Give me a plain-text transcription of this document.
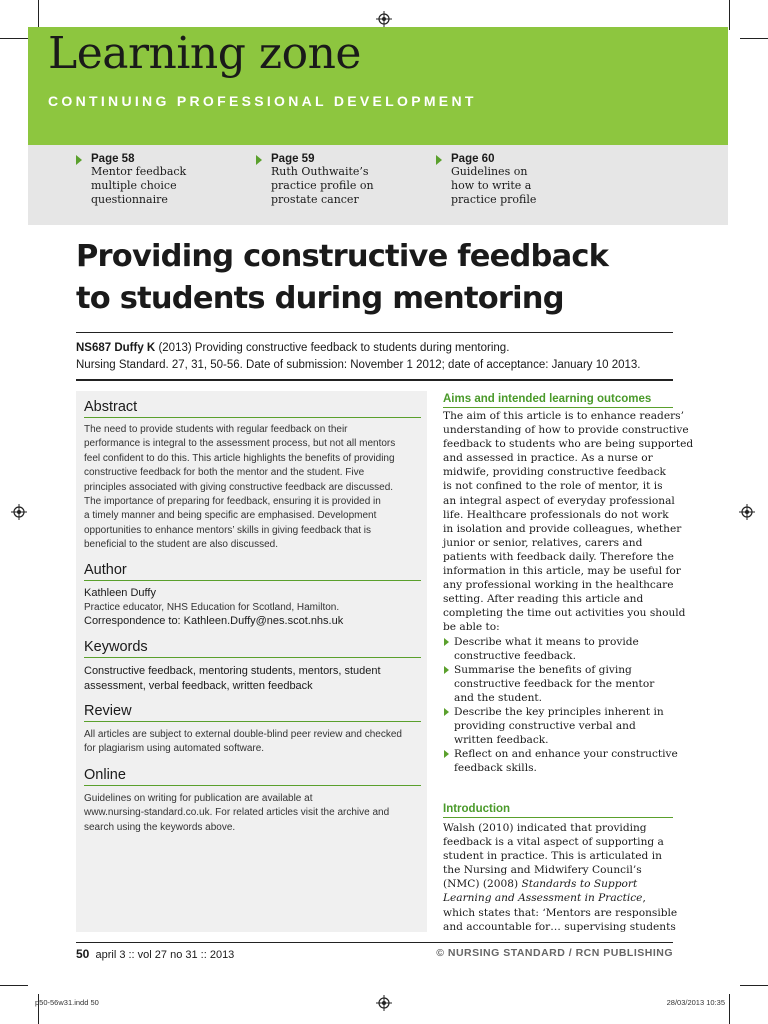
Learning zone
CONTINUING PROFESSIONAL DEVELOPMENT
Page 58
Mentor feedback
multiple choice
questionnaire
Page 59
Ruth Outhwaite’s
practice profile on
prostate cancer
Page 60
Guidelines on
how to write a
practice profile
Providing constructive feedback
to students during mentoring
NS687 Duffy K (2013) Providing constructive feedback to students during mentoring.
Nursing Standard. 27, 31, 50-56. Date of submission: November 1 2012; date of acceptance: January 10 2013.
Abstract
The need to provide students with regular feedback on their
performance is integral to the assessment process, but not all mentors
feel confident to do this. This article highlights the benefits of providing
constructive feedback for both the mentor and the student. Five
principles associated with giving constructive feedback are discussed.
The importance of preparing for feedback, ensuring it is provided in
a timely manner and being specific are emphasised. Development
opportunities to enhance mentors’ skills in giving feedback that is
beneficial to the student are also discussed.
Author
Kathleen Duffy
Practice educator, NHS Education for Scotland, Hamilton.
Correspondence to: Kathleen.Duffy@nes.scot.nhs.uk
Keywords
Constructive feedback, mentoring students, mentors, student
assessment, verbal feedback, written feedback
Review
All articles are subject to external double-blind peer review and checked
for plagiarism using automated software.
Online
Guidelines on writing for publication are available at
www.nursing-standard.co.uk. For related articles visit the archive and
search using the keywords above.
Aims and intended learning outcomes
The aim of this article is to enhance readers’
understanding of how to provide constructive
feedback to students who are being supported
and assessed in practice. As a nurse or
midwife, providing constructive feedback
is not confined to the role of mentor, it is
an integral aspect of everyday professional
life. Healthcare professionals do not work
in isolation and provide colleagues, whether
junior or senior, relatives, carers and
patients with feedback daily. Therefore the
information in this article, may be useful for
any professional working in the healthcare
setting. After reading this article and
completing the time out activities you should
be able to:
Describe what it means to provide
constructive feedback.
Summarise the benefits of giving
constructive feedback for the mentor
and the student.
Describe the key principles inherent in
providing constructive verbal and
written feedback.
Reflect on and enhance your constructive
feedback skills.
Introduction
Walsh (2010) indicated that providing
feedback is a vital aspect of supporting a
student in practice. This is articulated in
the Nursing and Midwifery Council’s
(NMC) (2008) Standards to Support
Learning and Assessment in Practice,
which states that: ‘Mentors are responsible
and accountable for… supervising students
50 april 3 :: vol 27 no 31 :: 2013	© NURSING STANDARD / RCN PUBLISHING
p50-56w31.indd 50	28/03/2013 10:35
